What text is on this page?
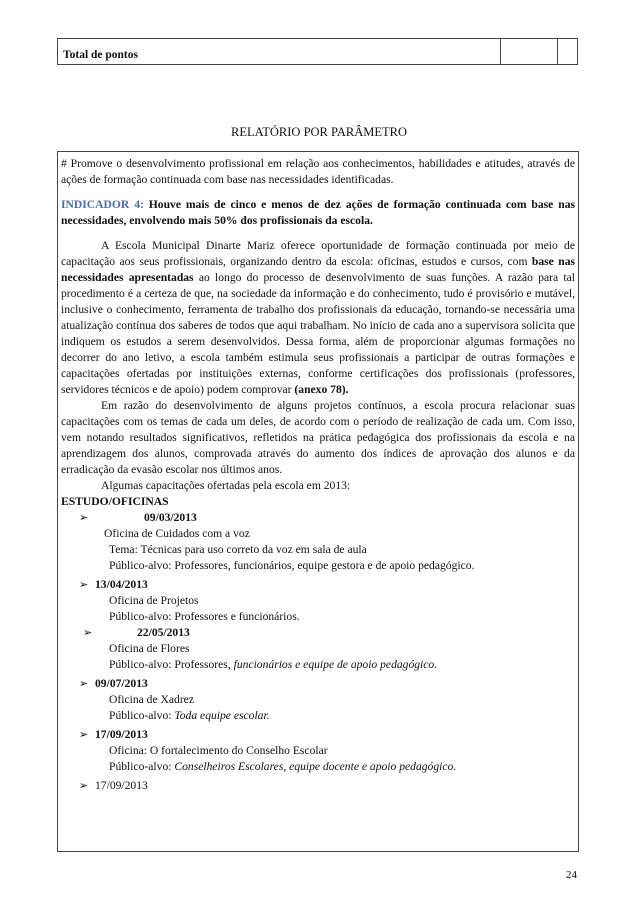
Total de pontos
RELATÓRIO POR PARÂMETRO

# Promove o desenvolvimento profissional em relação aos conhecimentos, habilidades e atitudes, através de ações de formação continuada com base nas necessidades identificadas.

INDICADOR 4: Houve mais de cinco e menos de dez ações de formação continuada com base nas necessidades, envolvendo mais 50% dos profissionais da escola.

A Escola Municipal Dinarte Mariz oferece oportunidade de formação continuada por meio de capacitação aos seus profissionais, organizando dentro da escola: oficinas, estudos e cursos, com base nas necessidades apresentadas ao longo do processo de desenvolvimento de suas funções. A razão para tal procedimento é a certeza de que, na sociedade da informação e do conhecimento, tudo é provisório e mutável, inclusive o conhecimento, ferramenta de trabalho dos profissionais da educação, tornando-se necessária uma atualização contínua dos saberes de todos que aqui trabalham. No início de cada ano a supervisora solicita que indiquem os estudos a serem desenvolvidos. Dessa forma, além de proporcionar algumas formações no decorrer do ano letivo, a escola também estimula seus profissionais a participar de outras formações e capacitações ofertadas por instituições externas, conforme certificações dos profissionais (professores, servidores técnicos e de apoio) podem comprovar (anexo 78).

Em razão do desenvolvimento de alguns projetos contínuos, a escola procura relacionar suas capacitações com os temas de cada um deles, de acordo com o período de realização de cada um. Com isso, vem notando resultados significativos, refletidos na prática pedagógica dos profissionais da escola e na aprendizagem dos alunos, comprovada através do aumento dos índices de aprovação dos alunos e da erradicação da evasão escolar nos últimos anos.

Algumas capacitações ofertadas pela escola em 2013:

ESTUDO/OFICINAS

➢	09/03/2013

Oficina de Cuidados com a voz

Tema: Técnicas para uso correto da voz em sala de aula

Público-alvo: Professores, funcionários, equipe gestora e de apoio pedagógico.

➢ 13/04/2013

Oficina de Projetos

Público-alvo: Professores e funcionários.

➢	22/05/2013

Oficina de Flores

Público-alvo: Professores, funcionários e equipe de apoio pedagógico.

➢ 09/07/2013

Oficina de Xadrez

Público-alvo: Toda equipe escolar.

➢ 17/09/2013

Oficina: O fortalecimento do Conselho Escolar

Público-alvo: Conselheiros Escolares, equipe docente e apoio pedagógico.

➢ 17/09/2013
24
